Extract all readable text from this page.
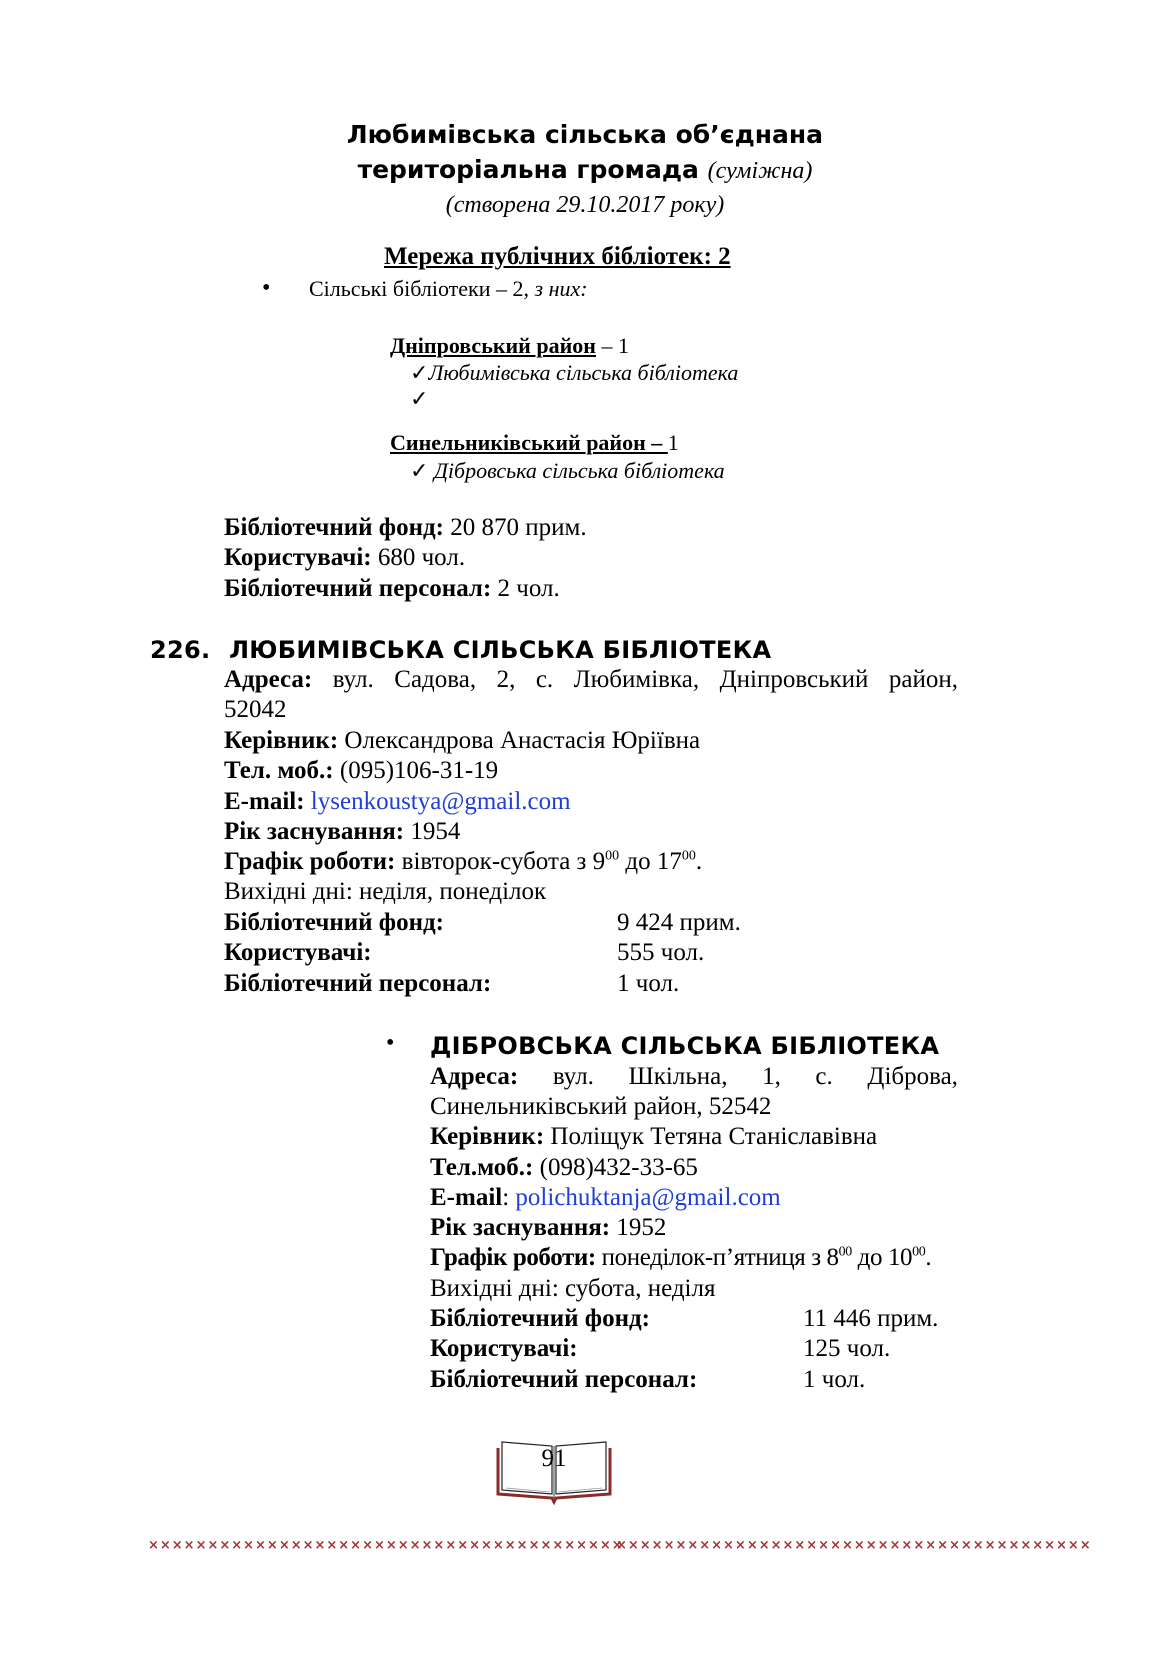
Любимівська сільська об’єднана
територіальна громада (суміжна)
(створена 29.10.2017 року)
Мережа публічних бібліотек: 2
• Сільські бібліотеки – 2, з них:
Дніпровський район – 1
✓Любимівська сільська бібліотека
✓
Синельниківський район – 1
✓ Дібровська сільська бібліотека
Бібліотечний фонд: 20 870 прим.
Користувачі: 680 чол.
Бібліотечний персонал: 2 чол.
226. ЛЮБИМІВСЬКА СІЛЬСЬКА БІБЛІОТЕКА
Адреса: вул. Садова, 2, с. Любимівка, Дніпровський район,
52042
Керівник: Олександрова Анастасія Юріївна
Тел. моб.: (095)106-31-19
E-mail: lysenkoustya@gmail.com
Рік заснування: 1954
Графік роботи: вівторок-субота з $9^{00}$ до $17^{00}$.
Вихідні дні: неділя, понеділок
Бібліотечний фонд:	9 424 прим.
Користувачі:	555 чол.
Бібліотечний персонал:	1 чол.
• ДІБРОВСЬКА СІЛЬСЬКА БІБЛІОТЕКА
Адреса: вул. Шкільна, 1, с. Діброва,
Синельниківський район, 52542
Керівник: Поліщук Тетяна Станіславівна
Тел.моб.: (098)432-33-65
E-mail: polichuktanja@gmail.com
Рік заснування: 1952
Графік роботи: понеділок-п’ятниця з $8^{00}$ до $10^{00}$.
Вихідні дні: субота, неділя
Бібліотечний фонд:	11 446 прим.
Користувачі:	125 чол.
Бібліотечний персонал:	1 чол.
××××××××××××××××××××××××××××××××××××××××
××××××××××××××××××××××××××××××××××××××××
91
